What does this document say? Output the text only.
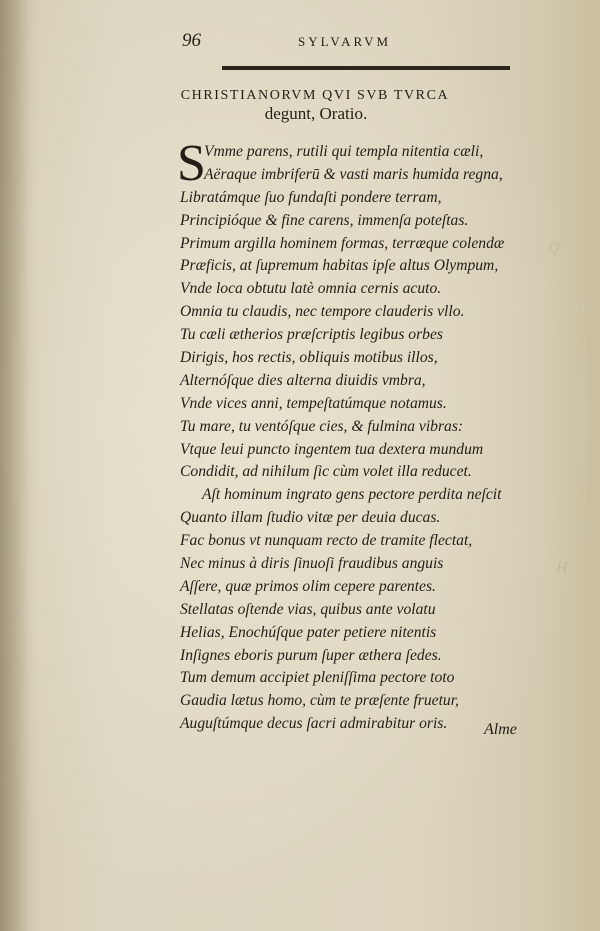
Q
H
96	SYLVARVM
CHRISTIANORVM QVI SVB TVRCA
degunt, Oratio.
S
Vmme parens, rutili qui templa nitentia cæli,
Aëraque imbriferū & vasti maris humida regna,
Libratámque ſuo fundaſti pondere terram,
Principióque & fine carens, immenſa poteſtas.
Primum argilla hominem formas, terræque colendæ
Præficis, at ſupremum habitas ipſe altus Olympum,
Vnde loca obtutu latè omnia cernis acuto.
Omnia tu claudis, nec tempore clauderis vllo.
Tu cæli ætherios præſcriptis legibus orbes
Dirigis, hos rectis, obliquis motibus illos,
Alternóſque dies alterna diuidis vmbra,
Vnde vices anni, tempeſtatúmque notamus.
Tu mare, tu ventóſque cies, & fulmina vibras:
Vtque leui puncto ingentem tua dextera mundum
Condidit, ad nihilum ſic cùm volet illa reducet.
Aſt hominum ingrato gens pectore perdita neſcit
Quanto illam ſtudio vitæ per deuia ducas.
Fac bonus vt nunquam recto de tramite flectat,
Nec minus à diris ſinuoſi fraudibus anguis
Aſſere, quæ primos olim cepere parentes.
Stellatas oſtende vias, quibus ante volatu
Helias, Enochúſque pater petiere nitentis
Inſignes eboris purum ſuper æthera ſedes.
Tum demum accipiet pleniſſima pectore toto
Gaudia lætus homo, cùm te præſente fruetur,
Auguſtúmque decus ſacri admirabitur oris.	Alme
